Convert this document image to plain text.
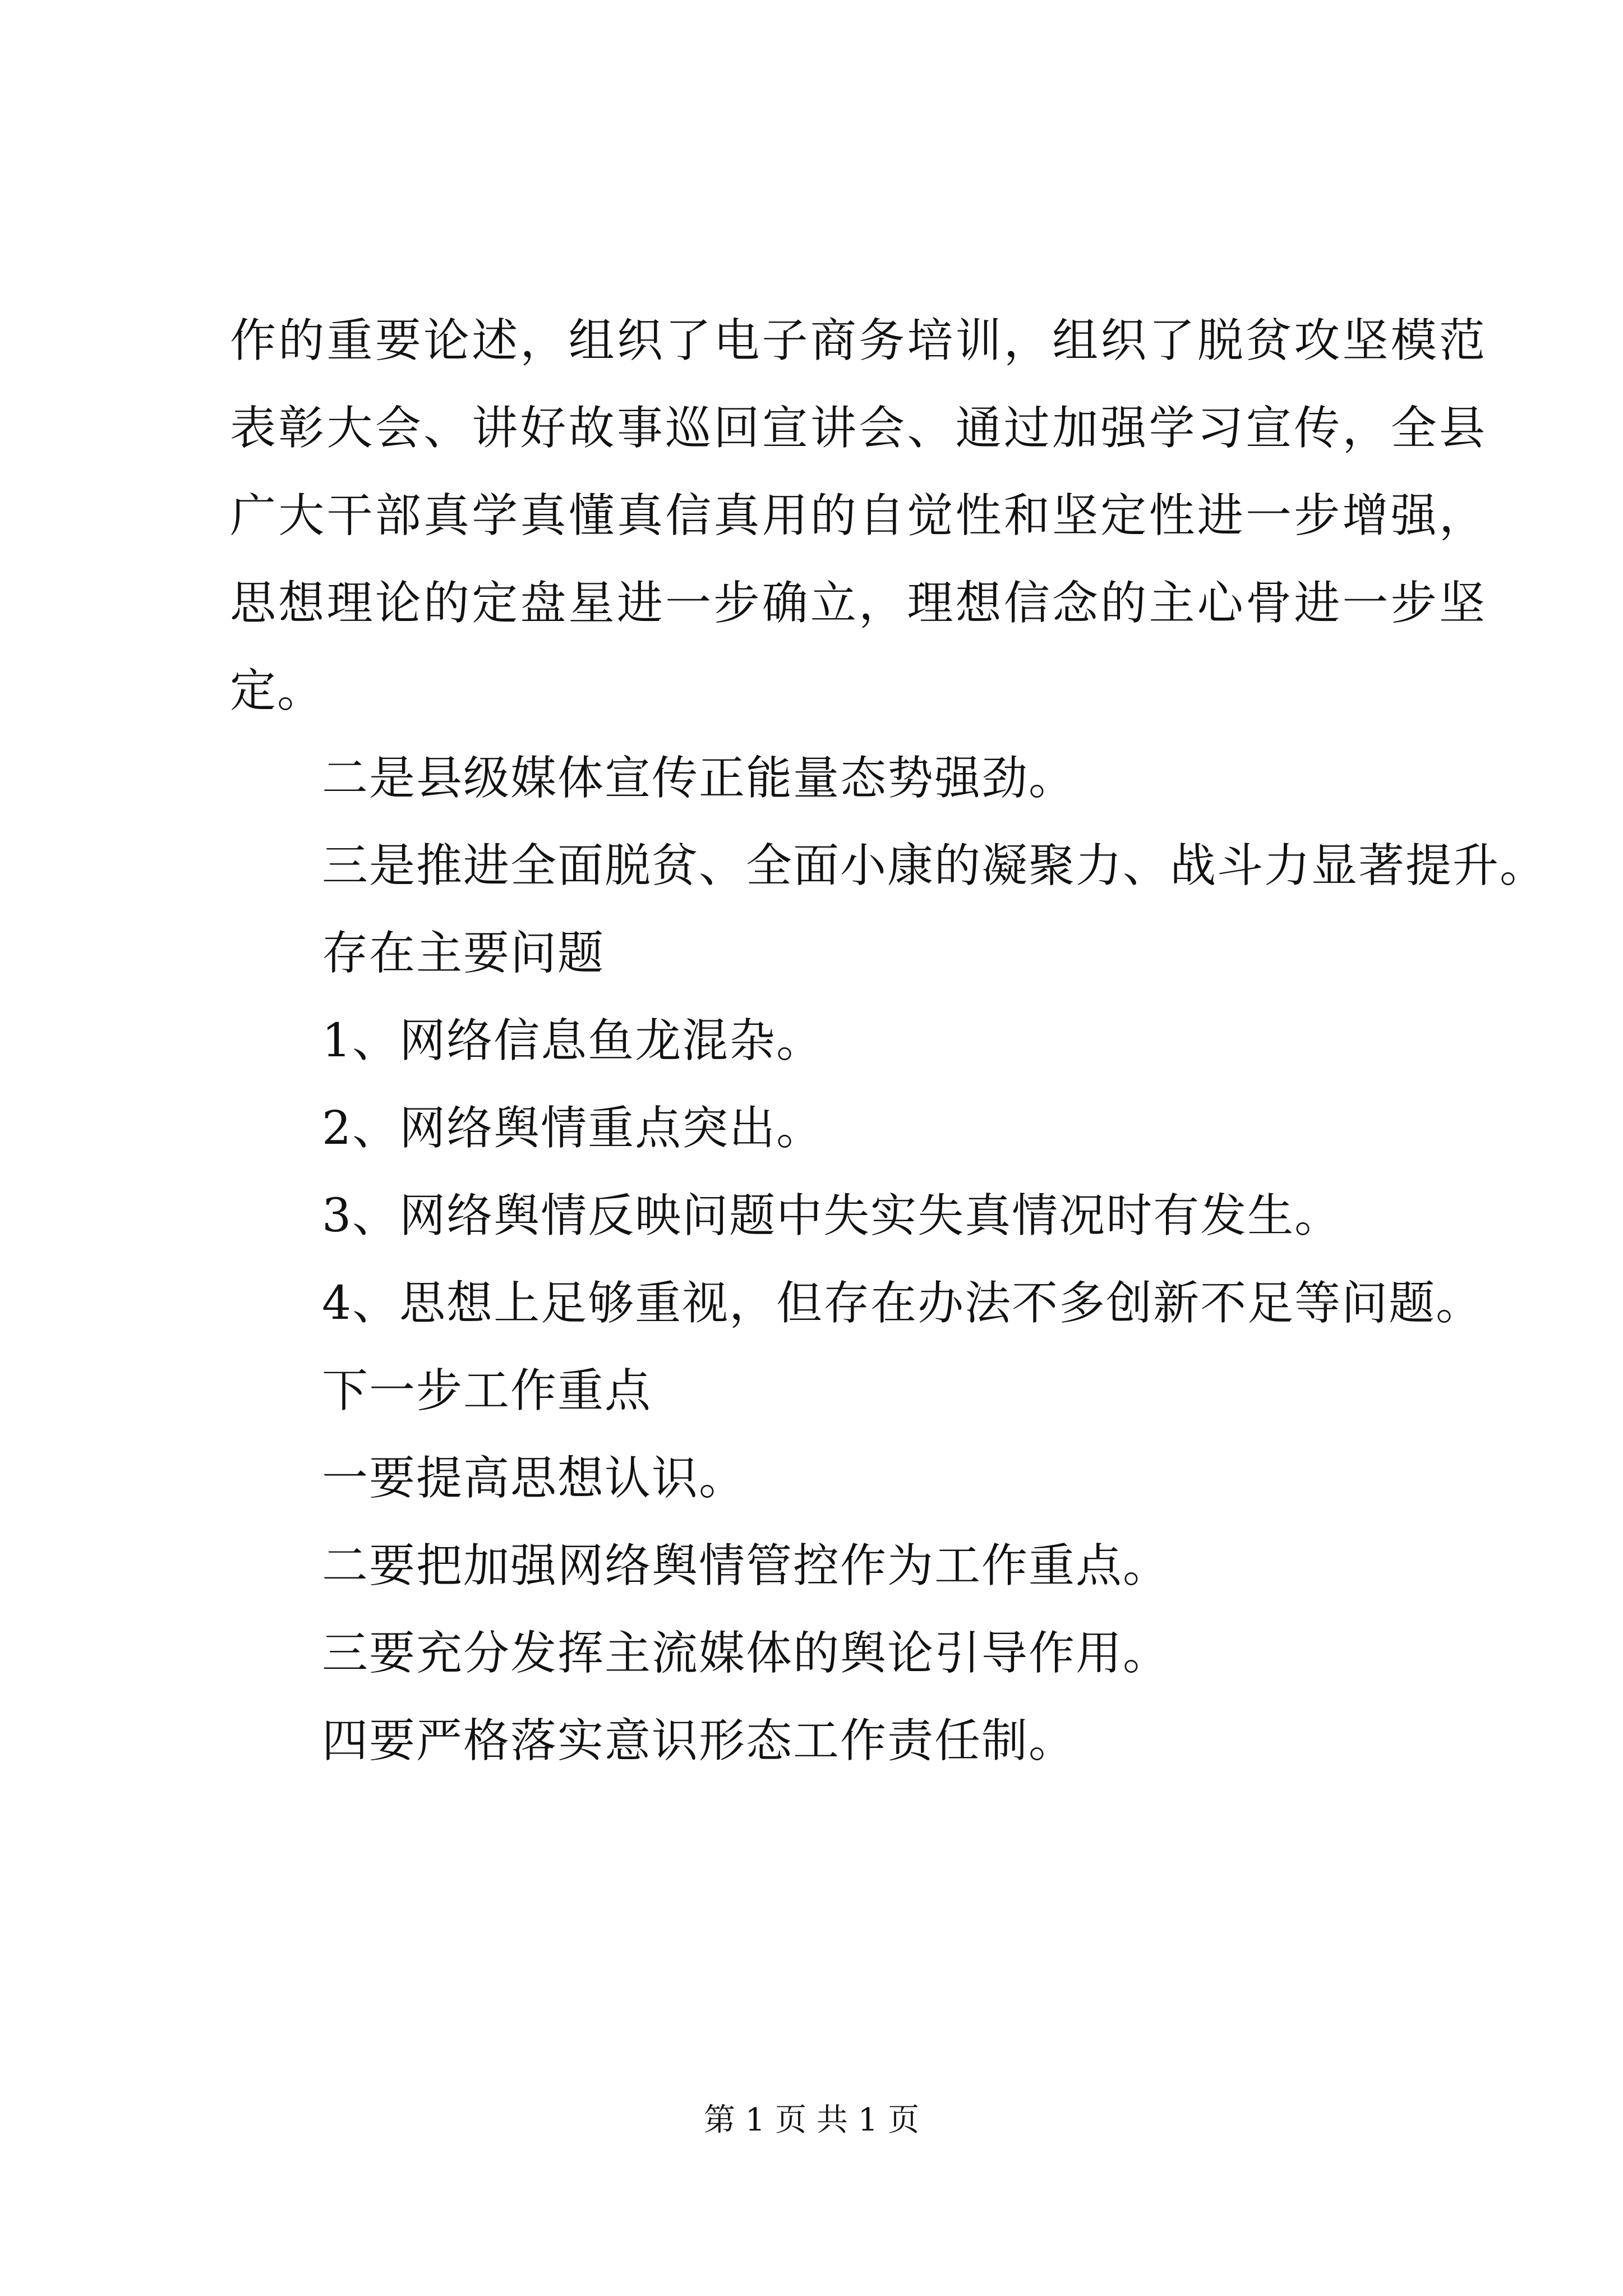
作的重要论述，组织了电子商务培训，组织了脱贫攻坚模范表彰大会、讲好故事巡回宣讲会、通过加强学习宣传，全县广大干部真学真懂真信真用的自觉性和坚定性进一步增强，思想理论的定盘星进一步确立，理想信念的主心骨进一步坚定。

二是县级媒体宣传正能量态势强劲。

三是推进全面脱贫、全面小康的凝聚力、战斗力显著提升。

存在主要问题

1、网络信息鱼龙混杂。

2、网络舆情重点突出。

3、网络舆情反映问题中失实失真情况时有发生。

4、思想上足够重视，但存在办法不多创新不足等问题。

下一步工作重点

一要提高思想认识。

二要把加强网络舆情管控作为工作重点。

三要充分发挥主流媒体的舆论引导作用。

四要严格落实意识形态工作责任制。

第 1 页 共 1 页
